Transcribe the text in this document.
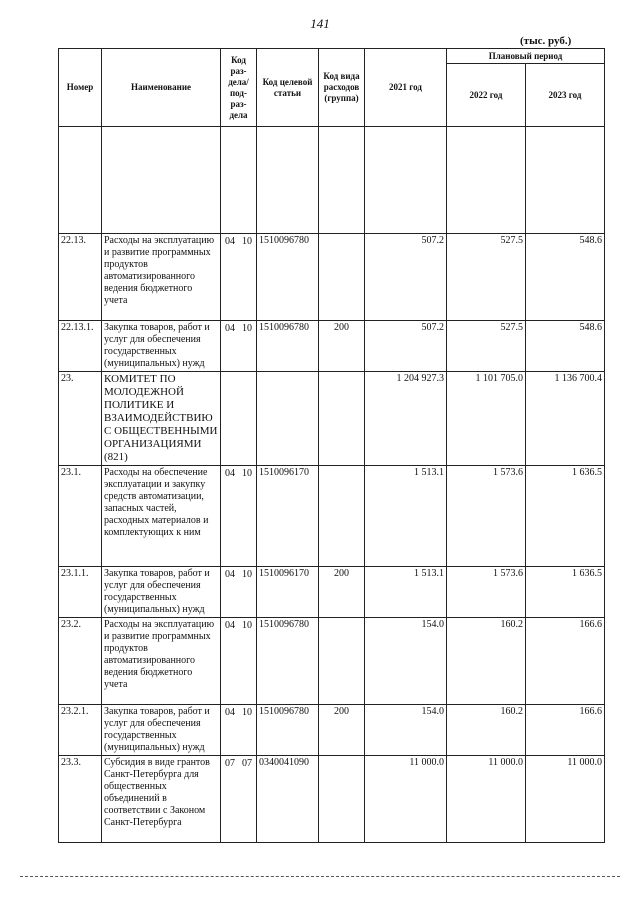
141
(тыс. руб.)
Номер	Наименование	Код раз-дела/ под-раз-дела	Код целевой статьи	Код вида расходов (группа)	2021 год	Плановый период	
						2022 год	2023 год

22.13.	Расходы на эксплуатацию и развитие программных продуктов автоматизированного ведения бюджетного учета	04 10	1510096780		507.2	527.5	548.6
22.13.1.	Закупка товаров, работ и услуг для обеспечения государственных (муниципальных) нужд	04 10	1510096780	200	507.2	527.5	548.6
23.	КОМИТЕТ ПО МОЛОДЕЖНОЙ ПОЛИТИКЕ И ВЗАИМОДЕЙСТВИЮ С ОБЩЕСТВЕННЫМИ ОРГАНИЗАЦИЯМИ (821)				1 204 927.3	1 101 705.0	1 136 700.4
23.1.	Расходы на обеспечение эксплуатации и закупку средств автоматизации, запасных частей, расходных материалов и комплектующих к ним	04 10	1510096170		1 513.1	1 573.6	1 636.5
23.1.1.	Закупка товаров, работ и услуг для обеспечения государственных (муниципальных) нужд	04 10	1510096170	200	1 513.1	1 573.6	1 636.5
23.2.	Расходы на эксплуатацию и развитие программных продуктов автоматизированного ведения бюджетного учета	04 10	1510096780		154.0	160.2	166.6
23.2.1.	Закупка товаров, работ и услуг для обеспечения государственных (муниципальных) нужд	04 10	1510096780	200	154.0	160.2	166.6
23.3.	Субсидия в виде грантов Санкт-Петербурга для общественных объединений в соответствии с Законом Санкт-Петербурга	07 07	0340041090		11 000.0	11 000.0	11 000.0
